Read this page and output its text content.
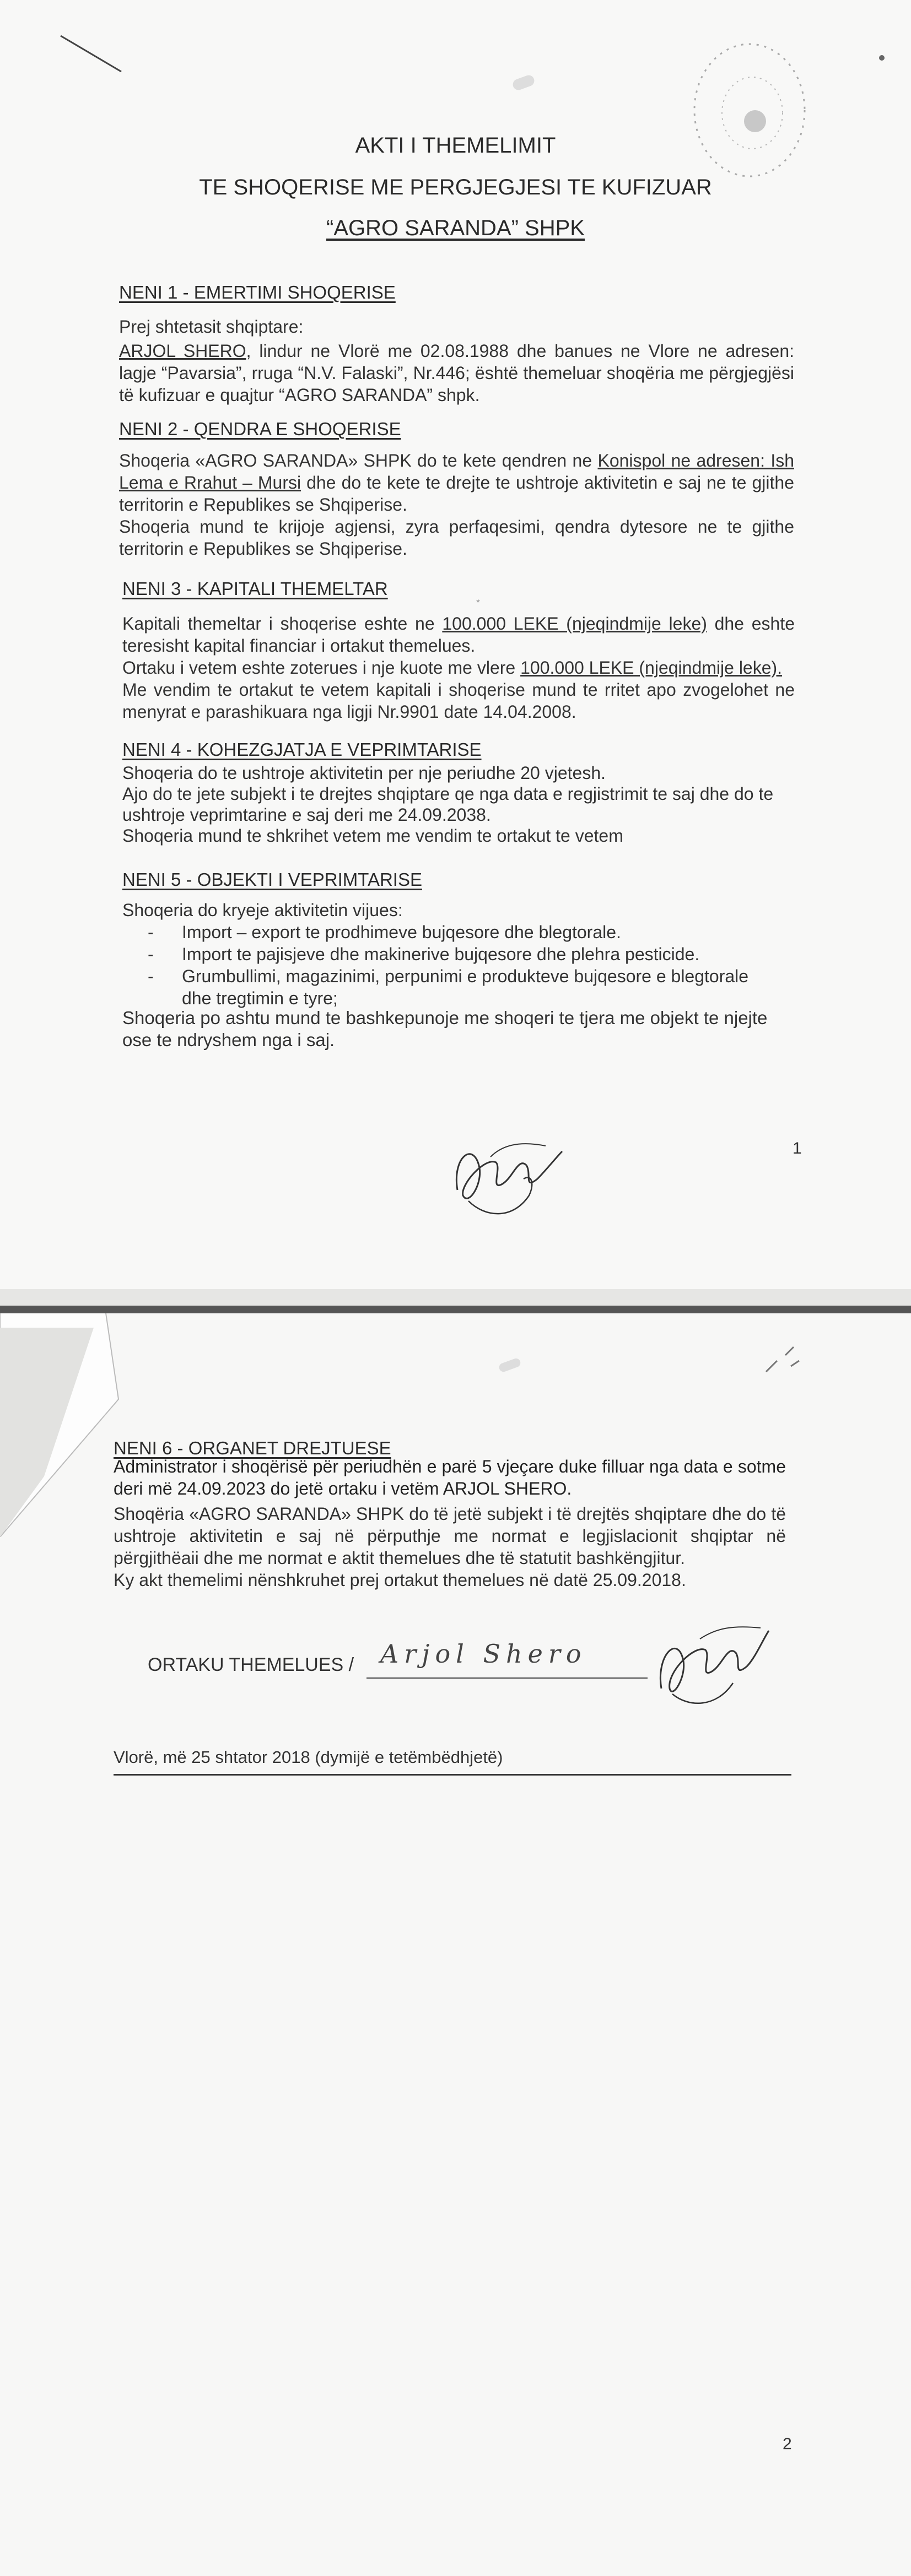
AKTI I THEMELIMIT
TE SHOQERISE ME PERGJEGJESI TE KUFIZUAR
“AGRO SARANDA” SHPK
NENI 1 - EMERTIMI SHOQERISE

Prej shtetasit shqiptare:

ARJOL SHERO, lindur ne Vlorë me 02.08.1988 dhe banues ne Vlore ne adresen: lagje “Pavarsia”, rruga “N.V. Falaski”, Nr.446; është themeluar shoqëria me përgjegjësi të kufizuar e quajtur “AGRO SARANDA” shpk.

NENI 2 - QENDRA E SHOQERISE

Shoqeria «AGRO SARANDA» SHPK do te kete qendren ne Konispol ne adresen: Ish Lema e Rrahut – Mursi dhe do te kete te drejte te ushtroje aktivitetin e saj ne te gjithe territorin e Republikes se Shqiperise.

Shoqeria mund te krijoje agjensi, zyra perfaqesimi, qendra dytesore ne te gjithe territorin e Republikes se Shqiperise.

NENI 3 - KAPITALI THEMELTAR
*

Kapitali themeltar i shoqerise eshte ne 100.000 LEKE (njeqindmije leke) dhe eshte teresisht kapital financiar i ortakut themelues.

Ortaku i vetem eshte zoterues i nje kuote me vlere 100.000 LEKE (njeqindmije leke).

Me vendim te ortakut te vetem kapitali i shoqerise mund te rritet apo zvogelohet ne menyrat e parashikuara nga ligji Nr.9901 date 14.04.2008.

NENI 4 - KOHEZGJATJA E VEPRIMTARISE

Shoqeria do te ushtroje aktivitetin per nje periudhe 20 vjetesh.

Ajo do te jete subjekt i te drejtes shqiptare qe nga data e regjistrimit te saj dhe do te ushtroje veprimtarine e saj deri me 24.09.2038.

Shoqeria mund te shkrihet vetem me vendim te ortakut te vetem

NENI 5 - OBJEKTI I VEPRIMTARISE
Shoqeria do kryeje aktivitetin vijues:
- Import – export te prodhimeve bujqesore dhe blegtorale.
- Import te pajisjeve dhe makinerive bujqesore dhe plehra pesticide.
- Grumbullimi, magazinimi, perpunimi e produkteve bujqesore e blegtorale dhe tregtimin e tyre;
Shoqeria po ashtu mund te bashkepunoje me shoqeri te tjera me objekt te njejte ose te ndryshem nga i saj.
1
NENI 6 - ORGANET DREJTUESE

Administrator i shoqërisë për periudhën e parë 5 vjeçare duke filluar nga data e sotme deri më 24.09.2023 do jetë ortaku i vetëm ARJOL SHERO.

Shoqëria «AGRO SARANDA» SHPK do të jetë subjekt i të drejtës shqiptare dhe do të ushtroje aktivitetin e saj në përputhje me normat e legjislacionit shqiptar në përgjithëaii dhe me normat e aktit themelues dhe të statutit bashkëngjitur.

Ky akt themelimi nënshkruhet prej ortakut themelues në datë 25.09.2018.

ORTAKU THEMELUES / Arjol Shero
Vlorë, më 25 shtator 2018 (dymijë e tetëmbëdhjetë)
2
